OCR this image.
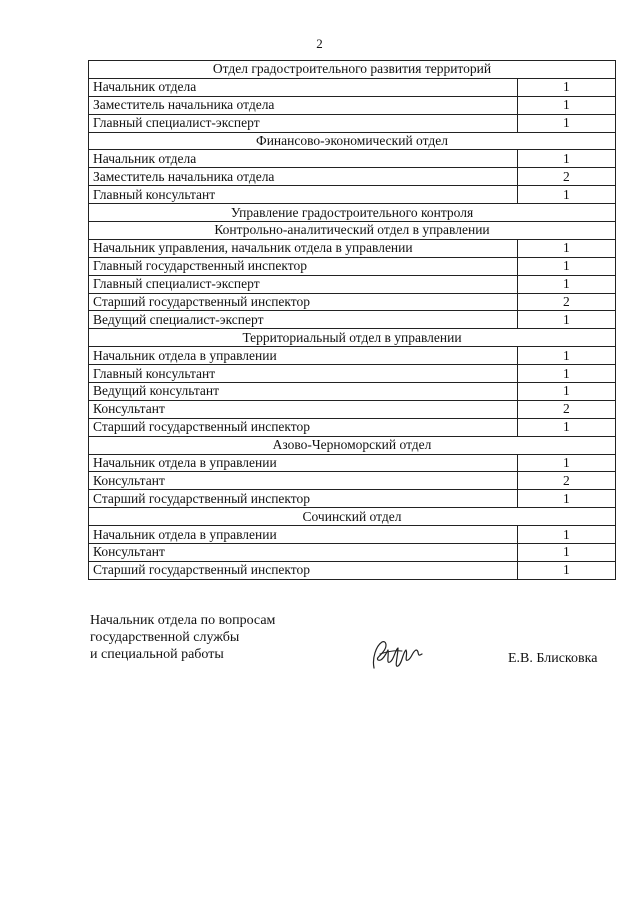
2
Отдел градостроительного развития территорий	
Начальник отдела	1
Заместитель начальника отдела	1
Главный специалист-эксперт	1
Финансово-экономический отдел	
Начальник отдела	1
Заместитель начальника отдела	2
Главный консультант	1
Управление градостроительного контроля	
Контрольно-аналитический отдел в управлении	
Начальник управления, начальник отдела в управлении	1
Главный государственный инспектор	1
Главный специалист-эксперт	1
Старший государственный инспектор	2
Ведущий специалист-эксперт	1
Территориальный отдел в управлении	
Начальник отдела в управлении	1
Главный консультант	1
Ведущий консультант	1
Консультант	2
Старший государственный инспектор	1
Азово-Черноморский отдел	
Начальник отдела в управлении	1
Консультант	2
Старший государственный инспектор	1
Сочинский отдел	
Начальник отдела в управлении	1
Консультант	1
Старший государственный инспектор	1
Начальник отдела по вопросам
государственной службы
и специальной работы	Е.В. Блисковка
